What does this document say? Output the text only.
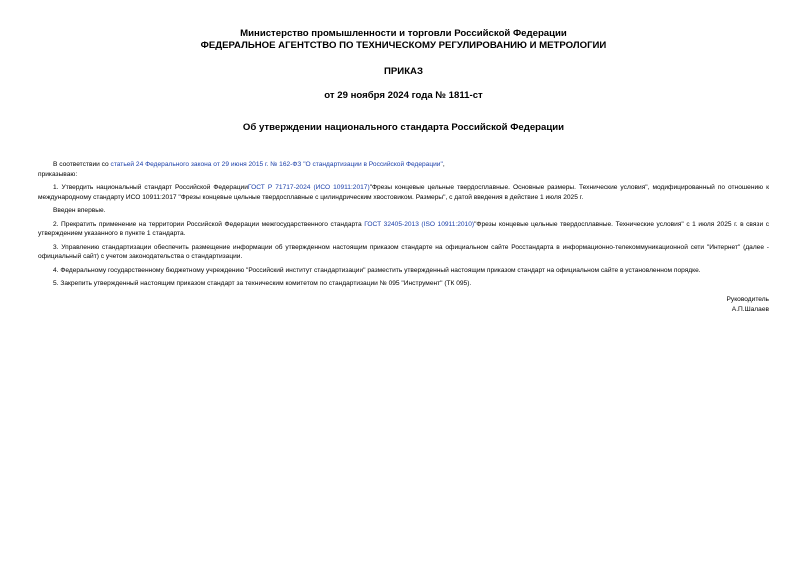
Министерство промышленности и торговли Российской Федерации
ФЕДЕРАЛЬНОЕ АГЕНТСТВО ПО ТЕХНИЧЕСКОМУ РЕГУЛИРОВАНИЮ И МЕТРОЛОГИИ
ПРИКАЗ
от 29 ноября 2024 года № 1811-ст
Об утверждении национального стандарта Российской Федерации

В соответствии со статьей 24 Федерального закона от 29 июня 2015 г. № 162-ФЗ "О стандартизации в Российской Федерации",

приказываю:

1. Утвердить национальный стандарт Российской ФедерацииГОСТ Р 71717-2024 (ИСО 10911:2017)"Фрезы концевые цельные твердосплавные. Основные размеры. Технические условия", модифицированный по отношению к международному стандарту ИСО 10911:2017 "Фрезы концевые цельные твердосплавные с цилиндрическим хвостовиком. Размеры", с датой введения в действие 1 июля 2025 г.

Введен впервые.

2. Прекратить применение на территории Российской Федерации межгосударственного стандарта ГОСТ 32405-2013 (ISO 10911:2010)"Фрезы концевые цельные твердосплавные. Технические условия" с 1 июля 2025 г. в связи с утверждением указанного в пункте 1 стандарта.

3. Управлению стандартизации обеспечить размещение информации об утвержденном настоящим приказом стандарте на официальном сайте Росстандарта в информационно-телекоммуникационной сети "Интернет" (далее - официальный сайт) с учетом законодательства о стандартизации.

4. Федеральному государственному бюджетному учреждению "Российский институт стандартизации" разместить утвержденный настоящим приказом стандарт на официальном сайте в установленном порядке.

5. Закрепить утвержденный настоящим приказом стандарт за техническим комитетом по стандартизации № 095 "Инструмент" (ТК 095).

Руководитель
А.П.Шалаев
